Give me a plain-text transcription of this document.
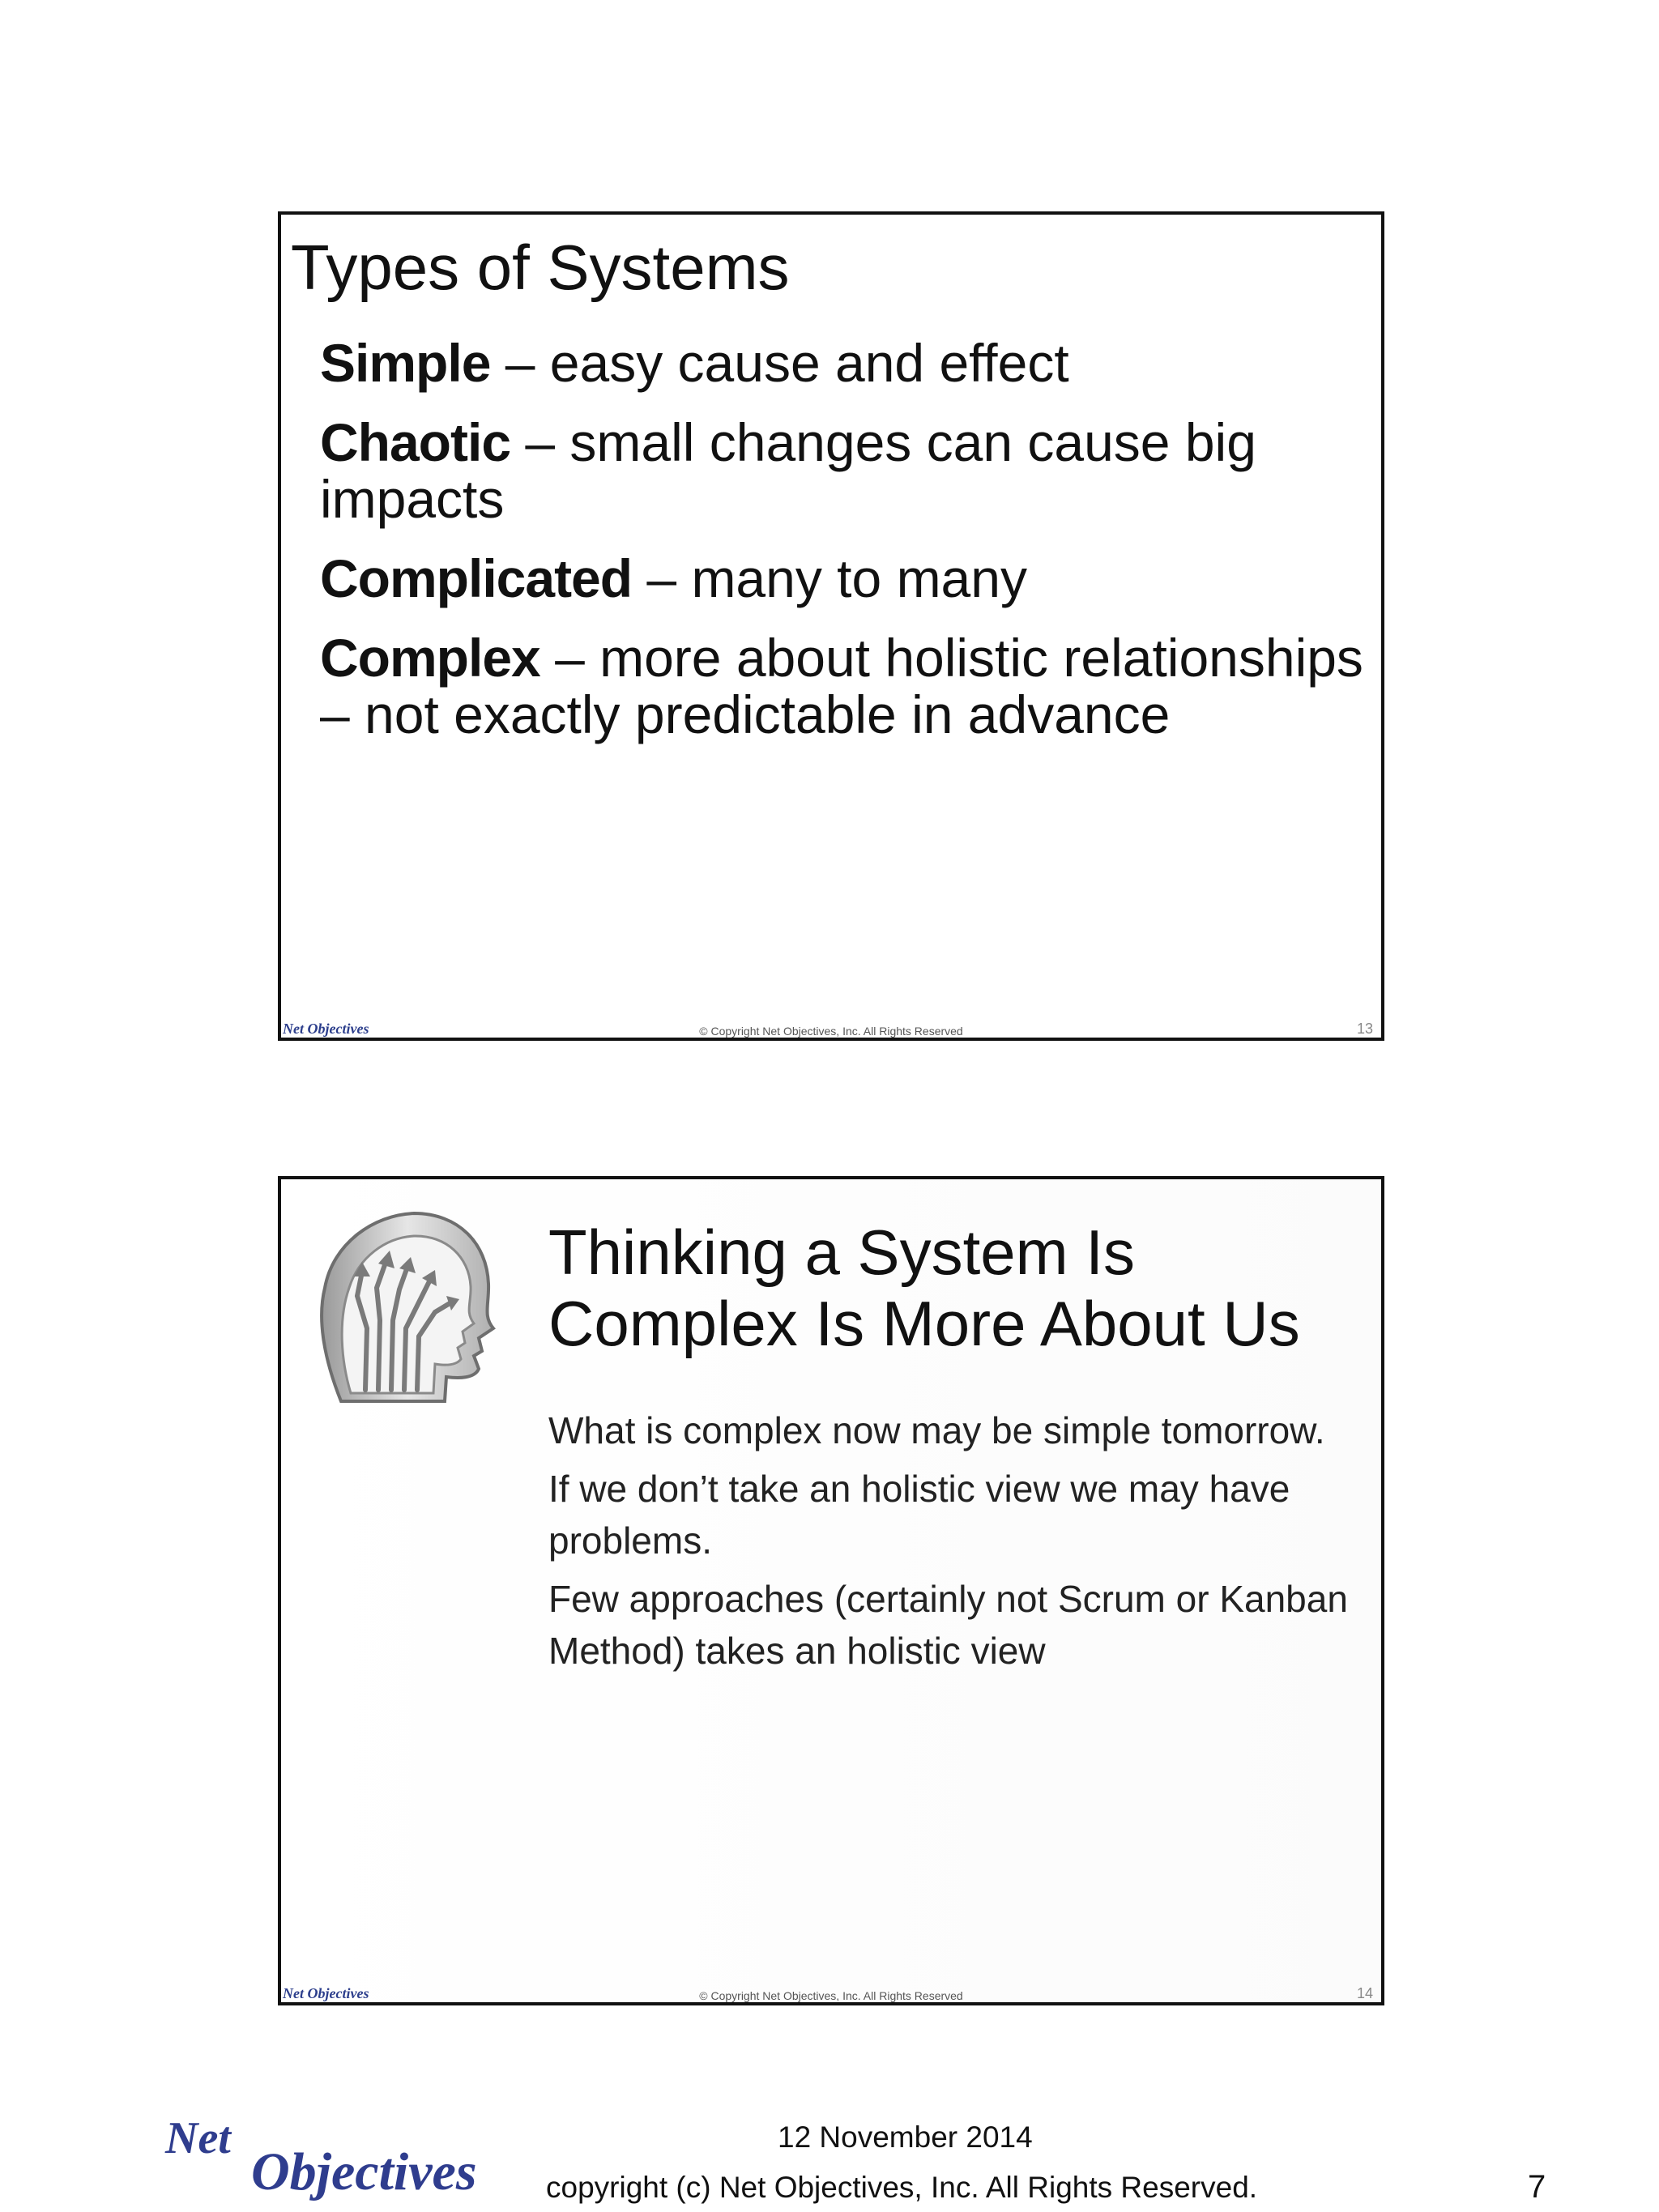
Types of Systems
Simple – easy cause and effect
Chaotic – small changes can cause big impacts
Complicated – many to many
Complex – more about holistic relationships – not exactly predictable in advance
Net Objectives	© Copyright Net Objectives, Inc. All Rights Reserved	13
Thinking a System Is Complex Is More About Us
What is complex now may be simple tomorrow.
If we don’t take an holistic view we may have problems.
Few approaches (certainly not Scrum or Kanban Method) takes an holistic view
Net Objectives	© Copyright Net Objectives, Inc. All Rights Reserved	14
Net
Objectives
12 November 2014
copyright (c) Net Objectives, Inc. All Rights Reserved.	7
